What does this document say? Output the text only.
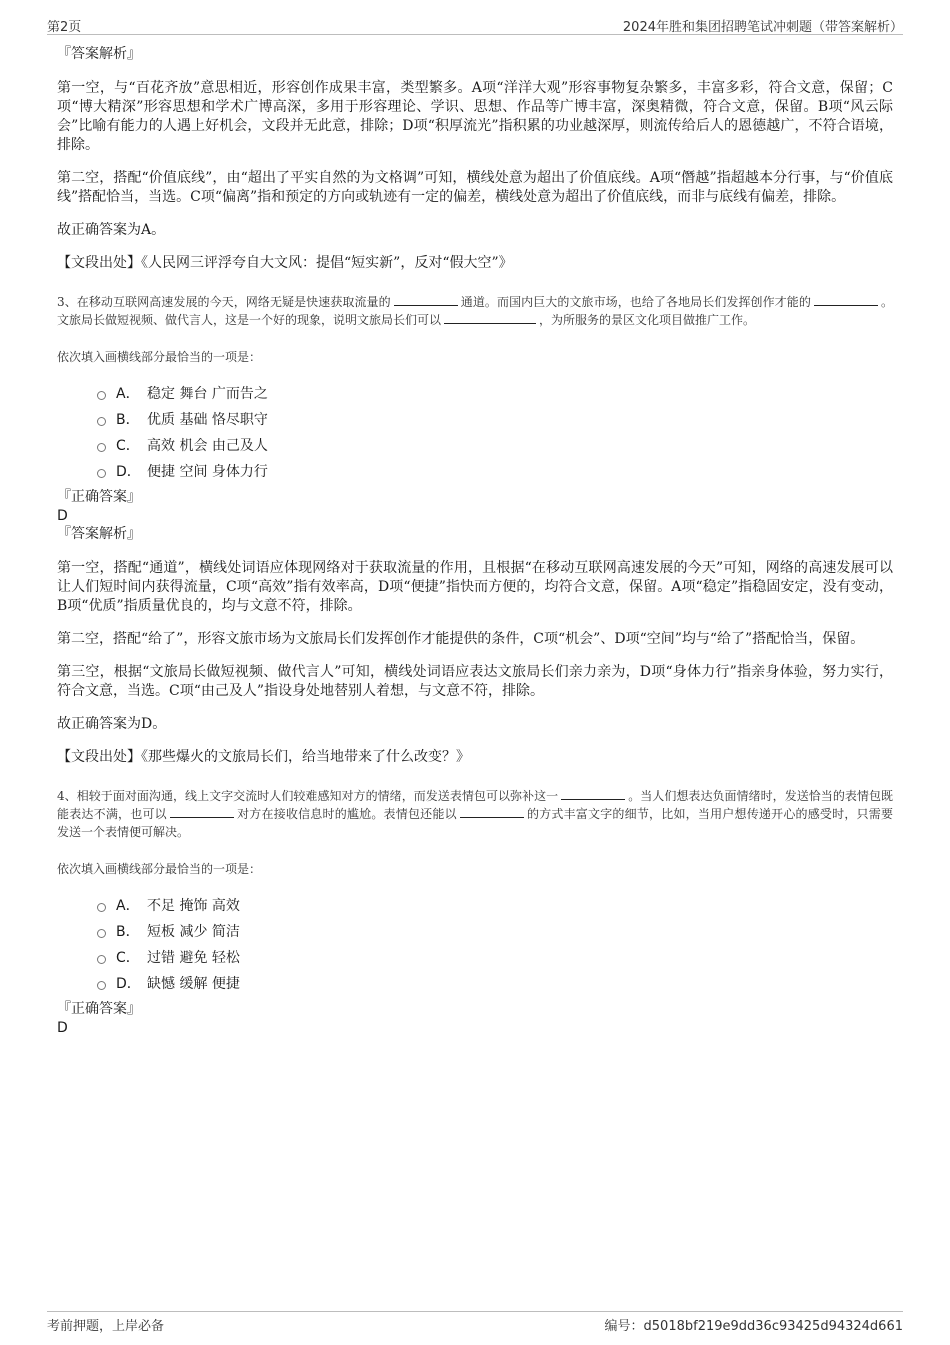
第2页	2024年胜和集团招聘笔试冲刺题（带答案解析）

『答案解析』

第一空，与“百花齐放”意思相近，形容创作成果丰富，类型繁多。A项“洋洋大观”形容事物复杂繁多，丰富多彩，符合文意，保留；C项“博大精深”形容思想和学术广博高深，多用于形容理论、学识、思想、作品等广博丰富，深奥精微，符合文意，保留。B项“风云际会”比喻有能力的人遇上好机会，文段并无此意，排除；D项“积厚流光”指积累的功业越深厚，则流传给后人的恩德越广，不符合语境，排除。

第二空，搭配“价值底线”，由“超出了平实自然的为文格调”可知，横线处意为超出了价值底线。A项“僭越”指超越本分行事，与“价值底线”搭配恰当，当选。C项“偏离”指和预定的方向或轨迹有一定的偏差，横线处意为超出了价值底线，而非与底线有偏差，排除。

故正确答案为A。

【文段出处】《人民网三评浮夸自大文风：提倡“短实新”，反对“假大空”》

3、在移动互联网高速发展的今天，网络无疑是快速获取流量的	通道。而国内巨大的文旅市场，也给了各地局长们发挥创作才能的	。文旅局长做短视频、做代言人，这是一个好的现象，说明文旅局长们可以	，为所服务的景区文化项目做推广工作。

依次填入画横线部分最恰当的一项是：

A． 稳定 舞台 广而告之
B． 优质 基础 恪尽职守
C． 高效 机会 由己及人
D． 便捷 空间 身体力行

『正确答案』

D

『答案解析』

第一空，搭配“通道”，横线处词语应体现网络对于获取流量的作用，且根据“在移动互联网高速发展的今天”可知，网络的高速发展可以让人们短时间内获得流量，C项“高效”指有效率高，D项“便捷”指快而方便的，均符合文意，保留。A项“稳定”指稳固安定，没有变动，B项“优质”指质量优良的，均与文意不符，排除。

第二空，搭配“给了”，形容文旅市场为文旅局长们发挥创作才能提供的条件，C项“机会”、D项“空间”均与“给了”搭配恰当，保留。

第三空，根据“文旅局长做短视频、做代言人”可知，横线处词语应表达文旅局长们亲力亲为，D项“身体力行”指亲身体验，努力实行，符合文意，当选。C项“由己及人”指设身处地替别人着想，与文意不符，排除。

故正确答案为D。

【文段出处】《那些爆火的文旅局长们，给当地带来了什么改变？》

4、相较于面对面沟通，线上文字交流时人们较难感知对方的情绪，而发送表情包可以弥补这一	。当人们想表达负面情绪时，发送恰当的表情包既能表达不满，也可以	对方在接收信息时的尴尬。表情包还能以	的方式丰富文字的细节，比如，当用户想传递开心的感受时，只需要发送一个表情便可解决。

依次填入画横线部分最恰当的一项是：

A． 不足 掩饰 高效
B． 短板 减少 简洁
C． 过错 避免 轻松
D． 缺憾 缓解 便捷

『正确答案』

D

考前押题，上岸必备	编号：d5018bf219e9dd36c93425d94324d661
